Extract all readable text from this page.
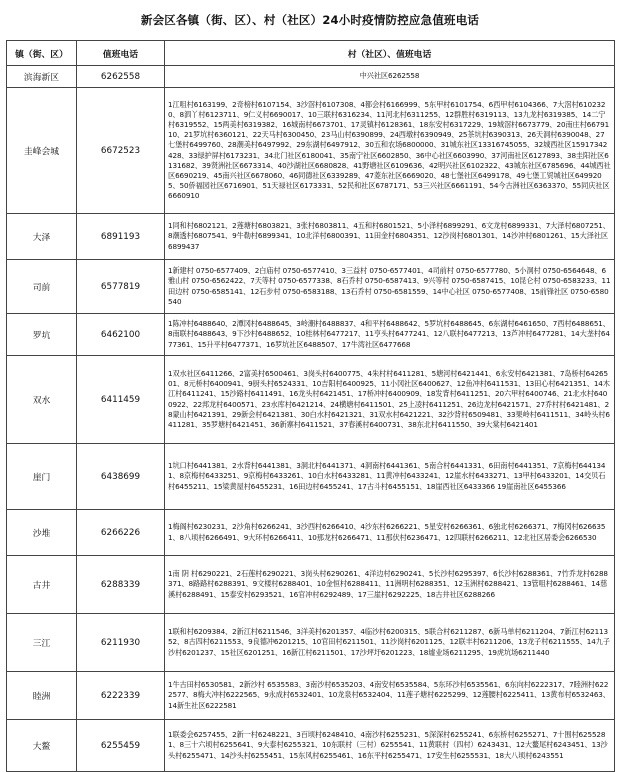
新会区各镇（街、区）、村（社区）24小时疫情防控应急值班电话
镇（街、区）	值班电话	村（社区）、值班电话
滨海新区	6262558	中兴社区6262558
圭峰会城	6672523	1江咀村6163199、2奇榜村6107154、3沙滘村6107308、4都会村6166999、5东甲村6101754、6西甲村6104366、7大滘村6102320、8泗丫村6123711、9仁义村6690017、10三联村6316234、11河北村6311255、12群胜村6319113、13九龙村6319385、14二宁村6319552、15两美村6319382、16城南村6673701、17灵镇村6128361、18东安村6317229、19城滘村6673779、20南庄村6679110、21罗坑村6360121、22天马村6300450、23马山村6390899、24西墩村6390949、25茶坑村6390313、26天洞村6390048、27七堡村6499760、28潮美村6497992、29东湖村6497912、30五和农场6800000、31城东社区13316745055、32城西社区15917342428、33绿护屏村6173231、34北门社区6180041、35南宁社区6602850、36中心社区6603990、37河南社区6127893、38圭阳社区6131682、39贤洲社区6673314、40沙湖社区6680828、41野塘社区6109636、42明兴社区6102322、43城东社区6785696、44城西社区6690219、45南兴社区6678060、46同德社区6339289、47菱东社区6669020、48七堡社区6499178、49七堡工贸城社区6499205、50侨福园社区6716901、51天禄社区6173331、52民和社区6787171、53三兴社区6661191、54今古洲社区6363370、55同庆社区6660910
大泽	6891193	1同和村6802121、2莲塘村6803821、3张村6803811、4五和村6801521、5小泽村6899291、6文龙村6899331、7大泽村6807251、8潮透村6807541、9牛勒村6899341、10北洋村6800391、11田金村6804351、12沙岗村6801301、14沙冲村6801261、15大泽社区6899437
司前	6577819	1新建村 0750-6577409、2白庙村 0750-6577410、3三益村 0750-6577401、4司前村 0750-6577780、5小洞村 0750-6564648、6雅山村 0750-6562422、7天等村 0750-6577338、8石乔村 0750-6587413、9兴等村 0750-6587415、10昆仑村 0750-6583233、11田边村 0750-6585141、12石步村 0750-6583188、13石乔村 0750-6581559、14中心社区 0750-6577408、15前锋社区 0750-6580540
罗坑	6462100	1陈冲村6488640、2潭冈村6488645、3岭潮村6488837、4和平村6488642、5罗坑村6488645、6东湖村6461650、7西村6488651、8南联村6488643、9下沙村6488652、10桂林村6477217、11亨头村6477241、12八联村6477213、13芦冲村6477281、14大垄村6477361、15升平村6477371、16罗坑社区6488507、17牛湾社区6477668
双水	6411459	1双水社区6411266、2富美村6500461、3岗头村6400775、4朱村村6411281、5塘河村6421441、6永安村6421381、7岛桥村6426501、8元桥村6400941、9厨头村6524331、10吉阳村6400925、11小冈社区6400627、12鱼冲村6411531、13田心村6421351、14木江村6411241、15沙路村6411491、16龙头村6421451、17桥冲村6400909、18发背村6411251、20六甲村6400746、21北水村6400922、22邦龙村6400571、23水库村6421214、24横塘村6411501、25上凌村6411251、26边龙村6421571、27乔村村6421481、28蒙山村6421391、29新会村6421381、30白水村6421321、31双水村6421221、32沙背村6509481、33果岭村6411511、34岭头村6411281、35罗塘村6421451、36新寨村6411521、37春溪村6400731、38东北村6411550、39大棠村6421401
崖门	6438699	1坑口村6441381、2水背村6441381、3洞北村6441371、4洞南村6441361、5南合村6441331、6田南村6441351、7京梅村6441341、8京梅村6433251、9京梅村6433261、10白水村6433281、11黄冲村6433241、12崖水村6433271、13甲村6433201、14交贝石村6455211、15梁黄屋村6455231、16田边村6455241、17古斗村6455151、18崖西社区6433366 19崖南社区6455366
沙堆	6266226	1梅阁村6230231、2沙角村6266241、3沙西村6266410、4沙东村6266221、5星安村6266361、6独北村6266371、7梅冈村6266351、8八顷村6266491、9大环村6266411、10那龙村6266471、11那伏村6236471、12四联村6266211、12北社区居委会6266530
古井	6288339	1南 阴 村6290221、2石莲村6290221、3岗头村6290261、4洋边村6290241、5长沙村6295397、6长沙村6288361、7竹乔龙村6288371、8路路村6288391、9文楼村6288401、10金恒村6288411、11洲明村6288351、12玉洲村6288421、13管咀村6288461、14慈溪村6288491、15泰安村6293521、16官冲村6292489、17三崖村6292225、18古井社区6288266
三江	6211930	1联和村6209384、2新江村6211546、3洋美村6201357、4临沙村6200315、5联合村6211287、6新马单村6211204、7新江村6211352、8古四村6211553、9良德冲6201215、10官田村6211501、11沙岗村6201125、12联丰村6211206、13龙子村6211555、14九子沙村6201237、15社区6201251、16新江村6211501、17沙坪圩6201223、18墟业场6211295、19虎坑场6211440
睦洲	6222339	1牛古田村6530581、2新沙村 6535583、3南沙村6535203、4南安村6535584、5东环沙村6535561、6东向村6222317、7睦洲村6222577、8梅大冲村6222565、9永成村6532401、10龙泉村6532404、11莲子塘村6225299、12莲腰村6225411、13黄布村6532463、14新生社区6222581
大鳌	6255459	1联委会6257455、2新一村6248221、3百顷村6248410、4南沙村6255231、5深深村6255241、6东桥村6255271、7十围村6255281、8三十六顷村6255641、9大泰村6255321、10东联村（三村）6255541、11黄联村（四村）6243431、12大鳌尾村6243451、13沙头村6255471、14沙头村6255451、15东风村6255461、16东平村6255471、17安生村6255531、18大八顷村6243551
